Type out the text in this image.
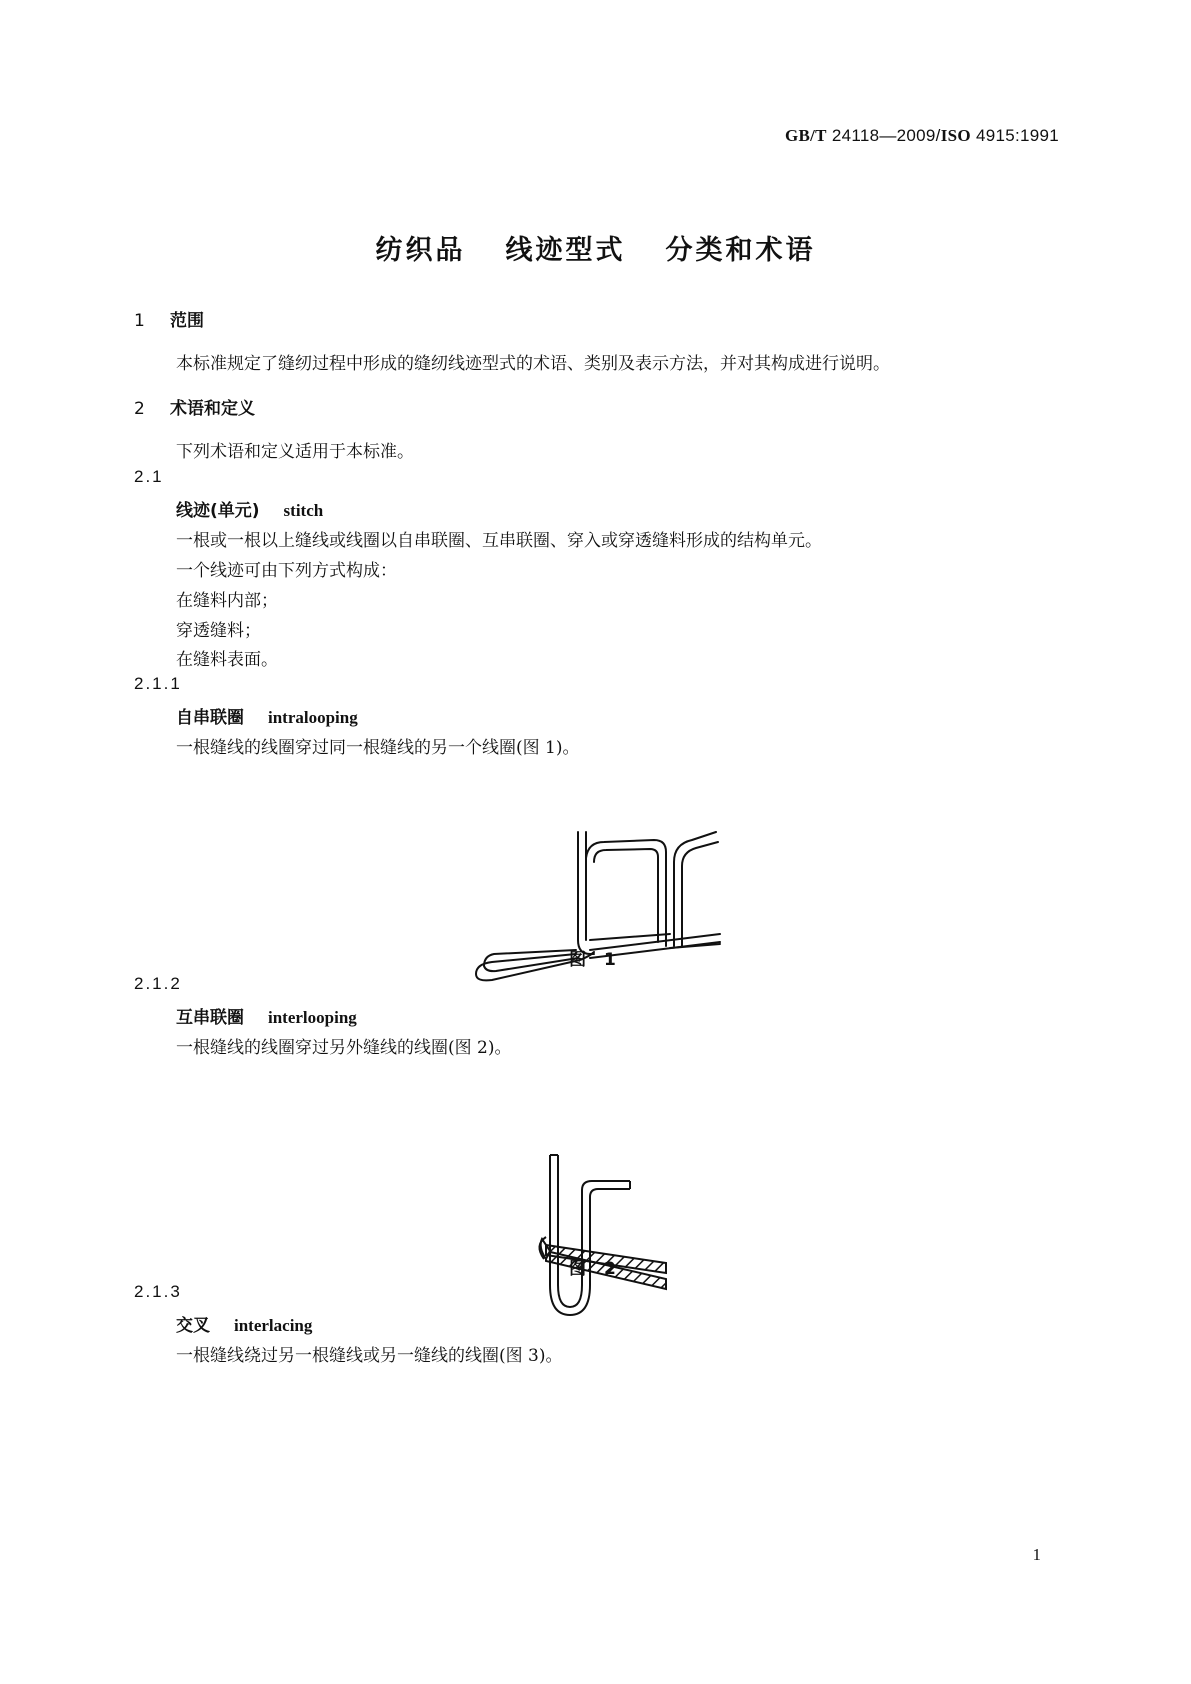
GB/T 24118—2009/ISO 4915:1991
纺织品 线迹型式 分类和术语
1 范围
本标准规定了缝纫过程中形成的缝纫线迹型式的术语、类别及表示方法，并对其构成进行说明。
2 术语和定义
下列术语和定义适用于本标准。
2.1
线迹(单元) stitch
一根或一根以上缝线或线圈以自串联圈、互串联圈、穿入或穿透缝料形成的结构单元。
一个线迹可由下列方式构成：
在缝料内部；
穿透缝料；
在缝料表面。
2.1.1
自串联圈 intralooping
一根缝线的线圈穿过同一根缝线的另一个线圈(图 1)。
图 1
2.1.2
互串联圈 interlooping
一根缝线的线圈穿过另外缝线的线圈(图 2)。
图 2
2.1.3
交叉 interlacing
一根缝线绕过另一根缝线或另一缝线的线圈(图 3)。
1
